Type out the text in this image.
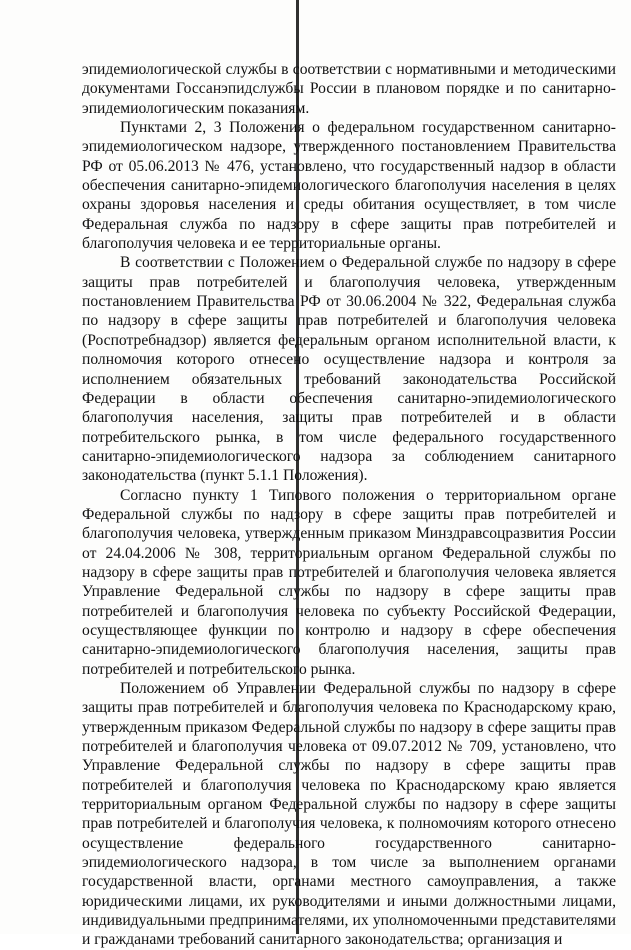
эпидемиологической службы в соответствии с нормативными и методическими документами Госсанэпидслужбы России в плановом порядке и по санитарно-эпидемиологическим показаниям.

Пунктами 2, 3 Положения о федеральном государственном санитарно-эпидемиологическом надзоре, утвержденного постановлением Правительства РФ от 05.06.2013 № 476, установлено, что государственный надзор в области обеспечения санитарно-эпидемиологического благополучия населения в целях охраны здоровья населения и среды обитания осуществляет, в том числе Федеральная служба по надзору в сфере защиты прав потребителей и благополучия человека и ее территориальные органы.

В соответствии с Положением о Федеральной службе по надзору в сфере защиты прав потребителей и благополучия человека, утвержденным постановлением Правительства РФ от 30.06.2004 № 322, Федеральная служба по надзору в сфере защиты прав потребителей и благополучия человека (Роспотребнадзор) является федеральным органом исполнительной власти, к полномочия которого отнесено осуществление надзора и контроля за исполнением обязательных требований законодательства Российской Федерации в области обеспечения санитарно-эпидемиологического благополучия населения, защиты прав потребителей и в области потребительского рынка, в том числе федерального государственного санитарно-эпидемиологического надзора за соблюдением санитарного законодательства (пункт 5.1.1 Положения).

Согласно пункту 1 Типового положения о территориальном органе Федеральной службы по надзору в сфере защиты прав потребителей и благополучия человека, утвержденным приказом Минздравсоцразвития России от 24.04.2006 № 308, территориальным органом Федеральной службы по надзору в сфере защиты прав потребителей и благополучия человека является Управление Федеральной службы по надзору в сфере защиты прав потребителей и благополучия человека по субъекту Российской Федерации, осуществляющее функции по контролю и надзору в сфере обеспечения санитарно-эпидемиологического благополучия населения, защиты прав потребителей и потребительского рынка.

Положением об Управлении Федеральной службы по надзору в сфере защиты прав потребителей и благополучия человека по Краснодарскому краю, утвержденным приказом Федеральной службы по надзору в сфере защиты прав потребителей и благополучия человека от 09.07.2012 № 709, установлено, что Управление Федеральной службы по надзору в сфере защиты прав потребителей и благополучия человека по Краснодарскому краю является территориальным органом Федеральной службы по надзору в сфере защиты прав потребителей и благополучия человека, к полномочиям которого отнесено осуществление федерального государственного санитарно-эпидемиологического надзора, в том числе за выполнением органами государственной власти, органами местного самоуправления, а также юридическими лицами, их руководителями и иными должностными лицами, индивидуальными предпринимателями, их уполномоченными представителями и гражданами требований санитарного законодательства; организация и
